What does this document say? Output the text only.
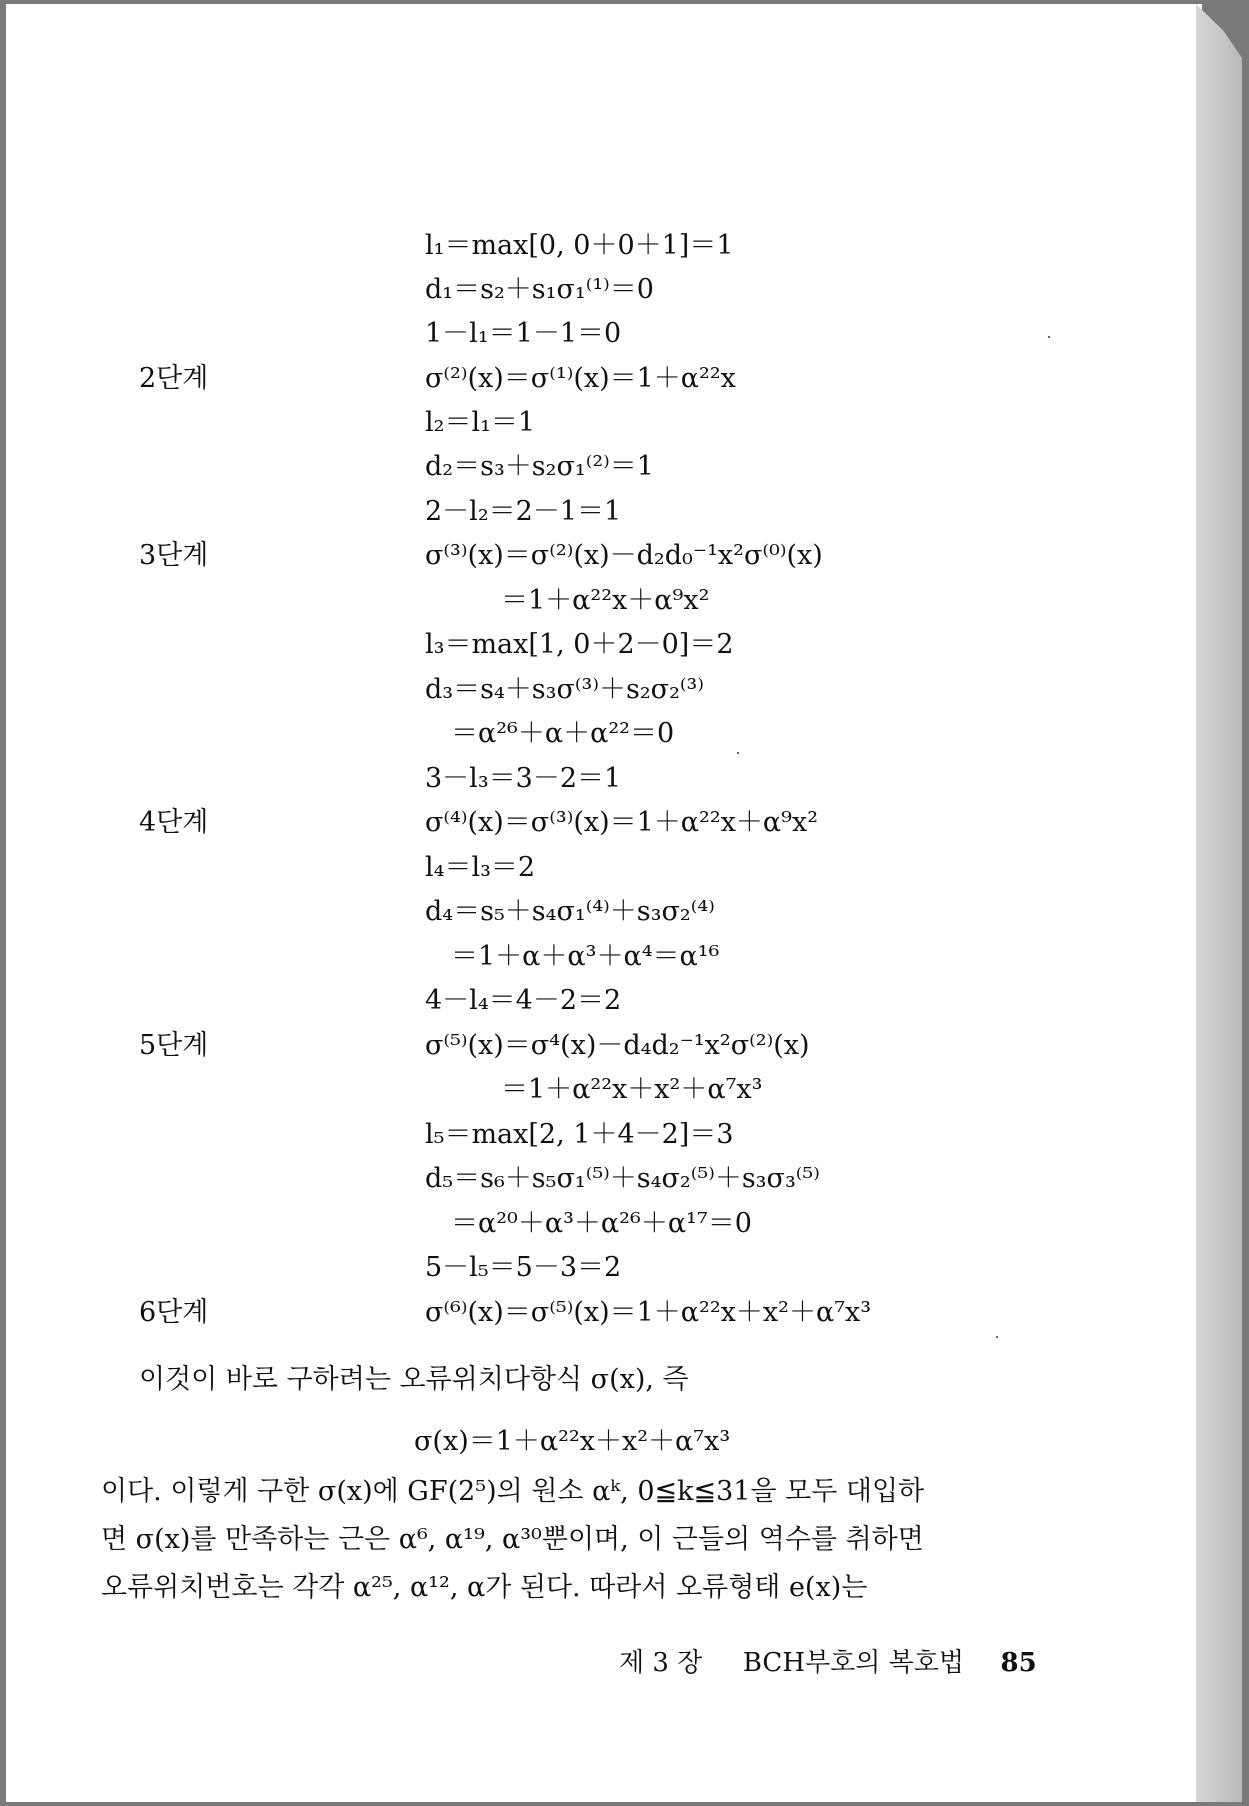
l₁＝max[0, 0＋0＋1]＝1
d₁＝s₂＋s₁σ₁⁽¹⁾＝0
1－l₁＝1－1＝0
σ⁽²⁾(x)＝σ⁽¹⁾(x)＝1＋α²²x
l₂＝l₁＝1
d₂＝s₃＋s₂σ₁⁽²⁾＝1
2－l₂＝2－1＝1
σ⁽³⁾(x)＝σ⁽²⁾(x)－d₂d₀⁻¹x²σ⁽⁰⁾(x)
＝1＋α²²x＋α⁹x²
l₃＝max[1, 0＋2－0]＝2
d₃＝s₄＋s₃σ⁽³⁾＋s₂σ₂⁽³⁾
＝α²⁶＋α＋α²²＝0
3－l₃＝3－2＝1
σ⁽⁴⁾(x)＝σ⁽³⁾(x)＝1＋α²²x＋α⁹x²
l₄＝l₃＝2
d₄＝s₅＋s₄σ₁⁽⁴⁾＋s₃σ₂⁽⁴⁾
＝1＋α＋α³＋α⁴＝α¹⁶
4－l₄＝4－2＝2
σ⁽⁵⁾(x)＝σ⁴(x)－d₄d₂⁻¹x²σ⁽²⁾(x)
＝1＋α²²x＋x²＋α⁷x³
l₅＝max[2, 1＋4－2]＝3
d₅＝s₆＋s₅σ₁⁽⁵⁾＋s₄σ₂⁽⁵⁾＋s₃σ₃⁽⁵⁾
＝α²⁰＋α³＋α²⁶＋α¹⁷＝0
5－l₅＝5－3＝2
σ⁽⁶⁾(x)＝σ⁽⁵⁾(x)＝1＋α²²x＋x²＋α⁷x³
2단계
3단계
4단계
5단계
6단계
이것이 바로 구하려는 오류위치다항식 σ(x), 즉
σ(x)＝1＋α²²x＋x²＋α⁷x³
이다. 이렇게 구한 σ(x)에 GF(2⁵)의 원소 αᵏ, 0≦k≦31을 모두 대입하
면 σ(x)를 만족하는 근은 α⁶, α¹⁹, α³⁰뿐이며, 이 근들의 역수를 취하면
오류위치번호는 각각 α²⁵, α¹², α가 된다. 따라서 오류형태 e(x)는
제 3 장 BCH부호의 복호법 85
